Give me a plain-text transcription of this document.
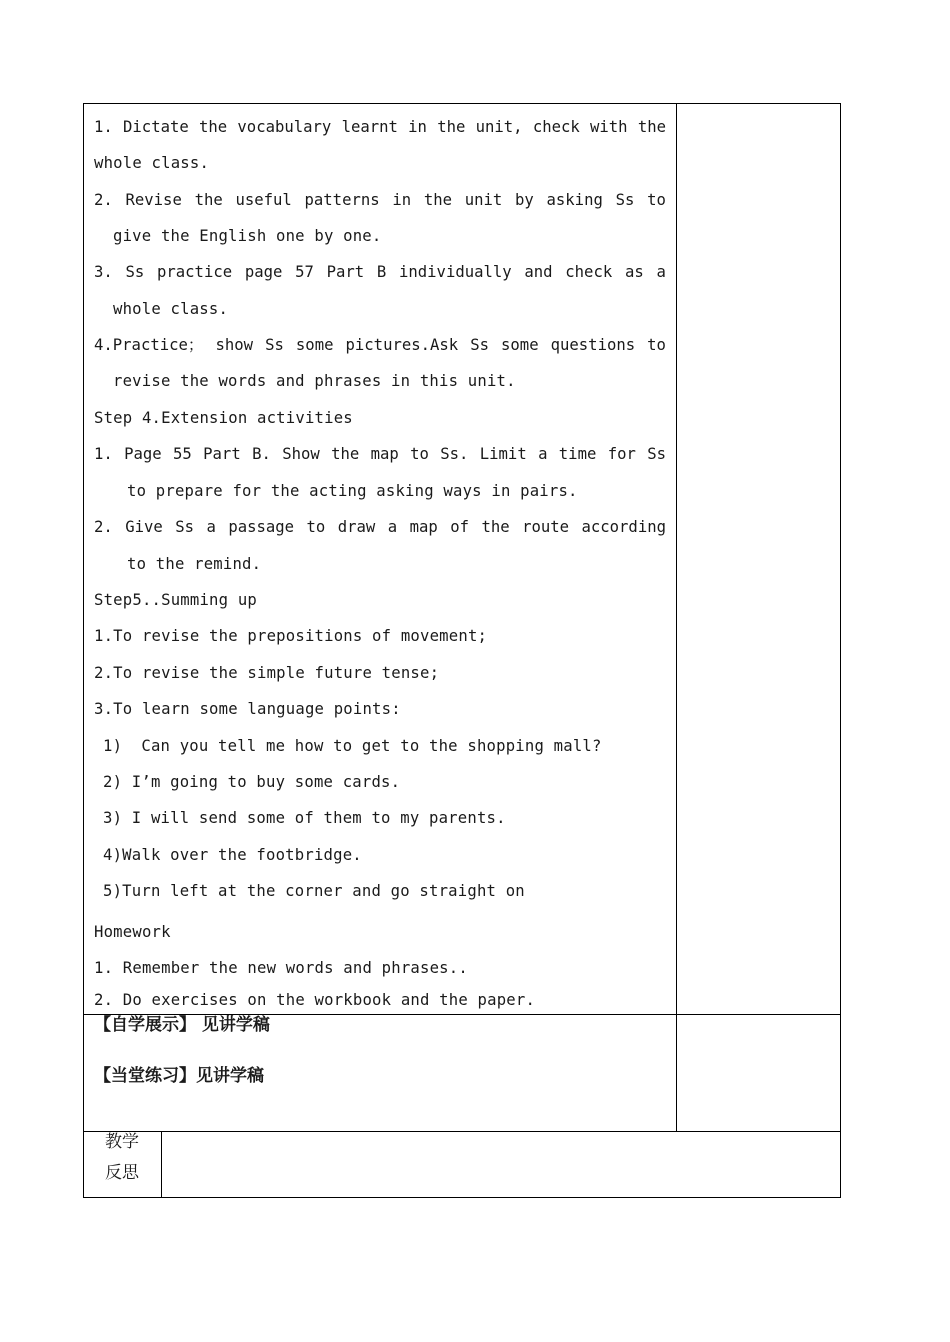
1. Dictate the vocabulary learnt in the unit, check with the
whole class.
2. Revise the useful patterns in the unit by asking Ss to
give the English one by one.
3. Ss practice page 57 Part B individually and check as a
whole class.
4.Practice； show Ss some pictures.Ask Ss some questions to
revise the words and phrases in this unit.
Step 4.Extension activities
1. Page 55 Part B. Show the map to Ss. Limit a time for Ss
to prepare for the acting asking ways in pairs.
2. Give Ss a passage to draw a map of the route according
to the remind.
Step5..Summing up
1.To revise the prepositions of movement;
2.To revise the simple future tense;
3.To learn some language points:
1)  Can you tell me how to get to the shopping mall?
2) I’m going to buy some cards.
3) I will send some of them to my parents.
4)Walk over the footbridge.
5)Turn left at the corner and go straight on
Homework
1. Remember the new words and phrases..
2. Do exercises on the workbook and the paper.
【自学展示】 见讲学稿
【当堂练习】见讲学稿
教学
反思
